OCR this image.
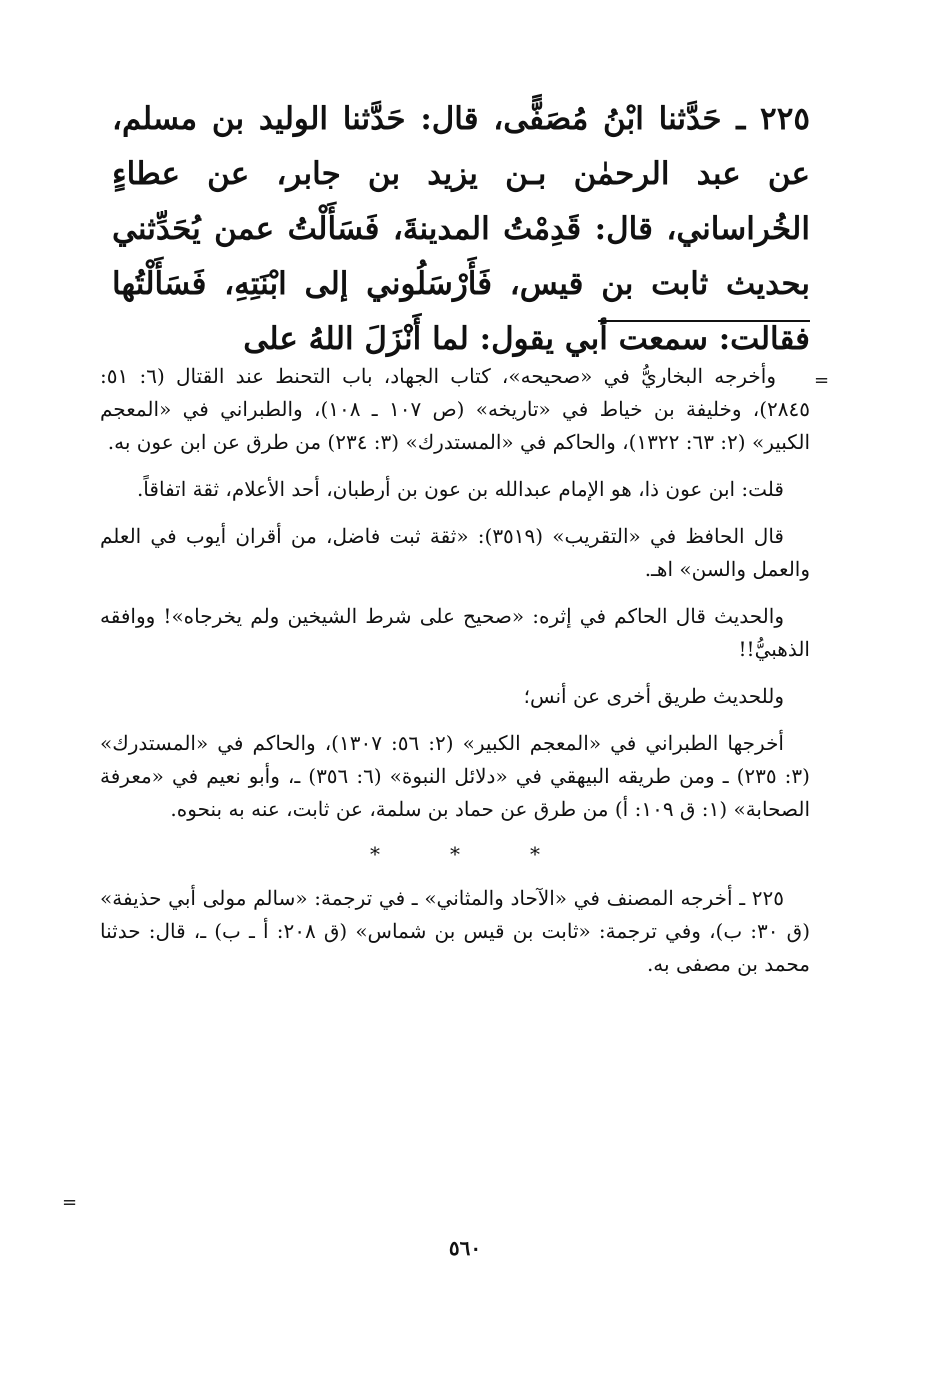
٢٢٥ ـ حَدَّثنا ابْنُ مُصَفًّى، قال: حَدَّثنا الوليد بن مسلم، عن عبد الرحمٰن بـن يزيد بن جابر، عن عطاءٍ الخُراساني، قال: قَدِمْتُ المدينةَ، فَسَأَلْتُ عمن يُحَدِّثني بحديث ثابت بن قيس، فَأَرْسَلُوني إلى ابْنَتِهِ، فَسَأَلْتُها فقالت: سمعت أبي يقول: لما أَنْزَلَ اللهُ على

=

وأخرجه البخاريُّ في «صحيحه»، كتاب الجهاد، باب التحنط عند القتال (٦: ٥١: ٢٨٤٥)، وخليفة بن خياط في «تاريخه» (ص ١٠٧ ـ ١٠٨)، والطبراني في «المعجم الكبير» (٢: ٦٣: ١٣٢٢)، والحاكم في «المستدرك» (٣: ٢٣٤) من طرق عن ابن عون به.

قلت: ابن عون ذا، هو الإمام عبدالله بن عون بن أرطبان، أحد الأعلام، ثقة اتفاقاً.

قال الحافظ في «التقريب» (٣٥١٩): «ثقة ثبت فاضل، من أقران أيوب في العلم والعمل والسن» اهـ.

والحديث قال الحاكم في إثره: «صحيح على شرط الشيخين ولم يخرجاه»! ووافقه الذهبيُّ!!

وللحديث طريق أخرى عن أنس؛

أخرجها الطبراني في «المعجم الكبير» (٢: ٥٦: ١٣٠٧)، والحاكم في «المستدرك» (٣: ٢٣٥) ـ ومن طريقه البيهقي في «دلائل النبوة» (٦: ٣٥٦) ـ، وأبو نعيم في «معرفة الصحابة» (١: ق ١٠٩: أ) من طرق عن حماد بن سلمة، عن ثابت، عنه به بنحوه.

*	*	*

٢٢٥ ـ أخرجه المصنف في «الآحاد والمثاني» ـ في ترجمة: «سالم مولى أبي حذيفة» (ق ٣٠: ب)، وفي ترجمة: «ثابت بن قيس بن شماس» (ق ٢٠٨: أ ـ ب) ـ، قال: حدثنا محمد بن مصفى به.

=
٥٦٠
